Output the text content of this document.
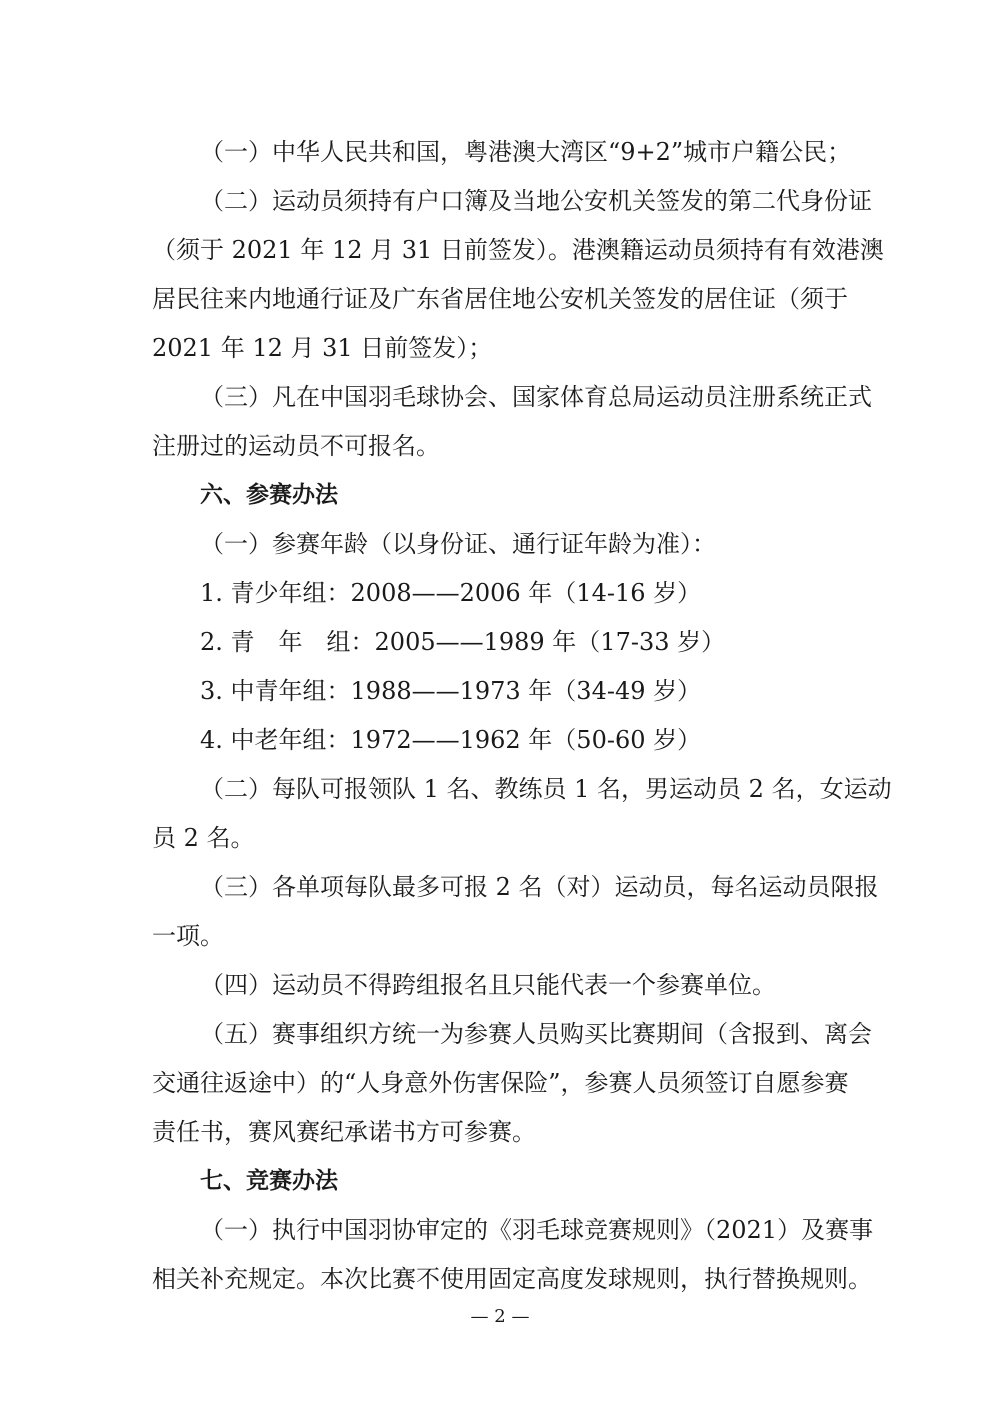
（一）中华人民共和国，粤港澳大湾区“9+2”城市户籍公民；
（二）运动员须持有户口簿及当地公安机关签发的第二代身份证
（须于 2021 年 12 月 31 日前签发）。港澳籍运动员须持有有效港澳
居民往来内地通行证及广东省居住地公安机关签发的居住证（须于
2021 年 12 月 31 日前签发）；
（三）凡在中国羽毛球协会、国家体育总局运动员注册系统正式
注册过的运动员不可报名。
六、参赛办法
（一）参赛年龄（以身份证、通行证年龄为准）：
1. 青少年组：2008——2006 年（14-16 岁）
2. 青　年　组：2005——1989 年（17-33 岁）
3. 中青年组：1988——1973 年（34-49 岁）
4. 中老年组：1972——1962 年（50-60 岁）
（二）每队可报领队 1 名、教练员 1 名，男运动员 2 名，女运动
员 2 名。
（三）各单项每队最多可报 2 名（对）运动员，每名运动员限报
一项。
（四）运动员不得跨组报名且只能代表一个参赛单位。
（五）赛事组织方统一为参赛人员购买比赛期间（含报到、离会
交通往返途中）的“人身意外伤害保险”，参赛人员须签订自愿参赛
责任书，赛风赛纪承诺书方可参赛。
七、竞赛办法
（一）执行中国羽协审定的《羽毛球竞赛规则》（2021）及赛事
相关补充规定。本次比赛不使用固定高度发球规则，执行替换规则。
— 2 —
